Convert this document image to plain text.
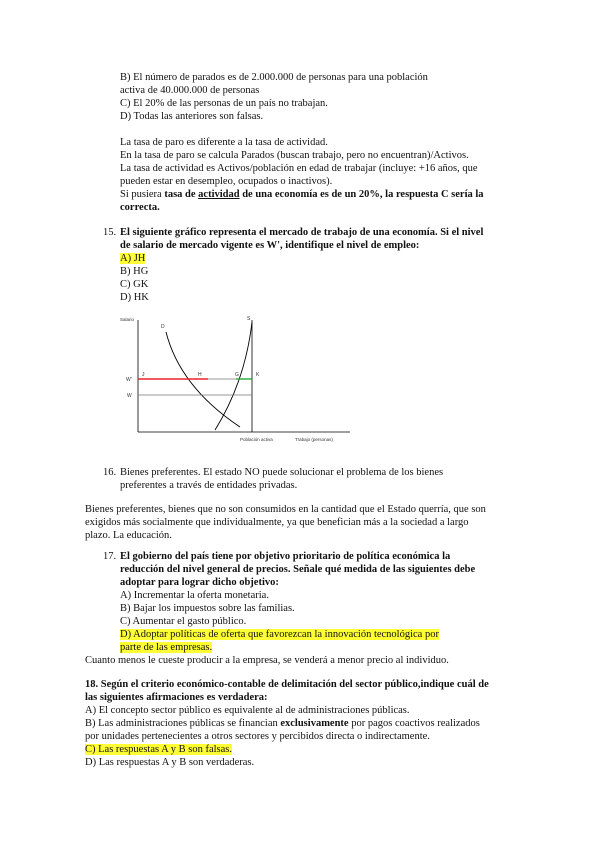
B) El número de parados es de 2.000.000 de personas para una población
activa de 40.000.000 de personas
C) El 20% de las personas de un país no trabajan.
D) Todas las anteriores son falsas.
La tasa de paro es diferente a la tasa de actividad.
En la tasa de paro se calcula Parados (buscan trabajo, pero no encuentran)/Activos.
La tasa de actividad es Activos/población en edad de trabajar (incluye: +16 años, que
pueden estar en desempleo, ocupados o inactivos).
Si pusiera tasa de actividad de una economía es de un 20%, la respuesta C sería la
correcta.
15. El siguiente gráfico representa el mercado de trabajo de una economía. Si el nivel
de salario de mercado vigente es W', identifique el nivel de empleo:
A) JH
B) HG
C) GK
D) HK
Salario
D
S
J	H	G	K
W'
W
Población activa	Trabajo (personas)
16. Bienes preferentes. El estado NO puede solucionar el problema de los bienes
preferentes a través de entidades privadas.
Bienes preferentes, bienes que no son consumidos en la cantidad que el Estado querría, que son
exigidos más socialmente que individualmente, ya que benefician más a la sociedad a largo
plazo. La educación.
17. El gobierno del país tiene por objetivo prioritario de política económica la
reducción del nivel general de precios. Señale qué medida de las siguientes debe
adoptar para lograr dicho objetivo:
A) Incrementar la oferta monetaria.
B) Bajar los impuestos sobre las familias.
C) Aumentar el gasto público.
D) Adoptar políticas de oferta que favorezcan la innovación tecnológica por
parte de las empresas.
Cuanto menos le cueste producir a la empresa, se venderá a menor precio al individuo.
18. Según el criterio económico-contable de delimitación del sector público,indique cuál de
las siguientes afirmaciones es verdadera:
A) El concepto sector público es equivalente al de administraciones públicas.
B) Las administraciones públicas se financian exclusivamente por pagos coactivos realizados
por unidades pertenecientes a otros sectores y percibidos directa o indirectamente.
C) Las respuestas A y B son falsas.
D) Las respuestas A y B son verdaderas.
